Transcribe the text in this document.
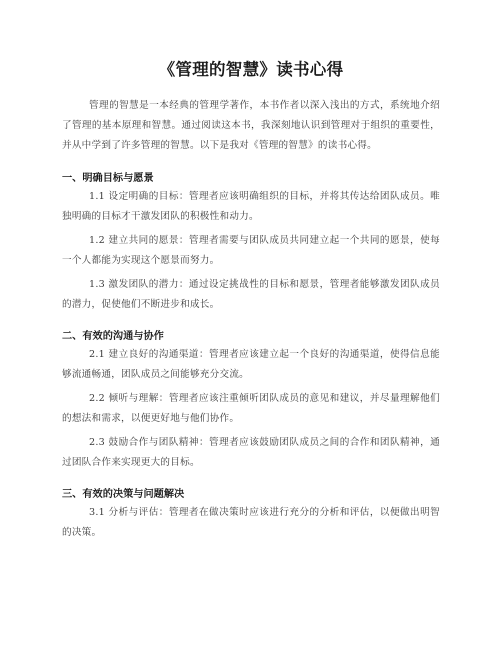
《管理的智慧》读书心得

管理的智慧是一本经典的管理学著作，本书作者以深入浅出的方式，系统地介绍了管理的基本原理和智慧。通过阅读这本书，我深刻地认识到管理对于组织的重要性，并从中学到了许多管理的智慧。以下是我对《管理的智慧》的读书心得。

一、明确目标与愿景

1.1 设定明确的目标：管理者应该明确组织的目标，并将其传达给团队成员。唯独明确的目标才干激发团队的积极性和动力。

1.2 建立共同的愿景：管理者需要与团队成员共同建立起一个共同的愿景，使每一个人都能为实现这个愿景而努力。

1.3 激发团队的潜力：通过设定挑战性的目标和愿景，管理者能够激发团队成员的潜力，促使他们不断进步和成长。

二、有效的沟通与协作

2.1 建立良好的沟通渠道：管理者应该建立起一个良好的沟通渠道，使得信息能够流通畅通，团队成员之间能够充分交流。

2.2 倾听与理解：管理者应该注重倾听团队成员的意见和建议，并尽量理解他们的想法和需求，以便更好地与他们协作。

2.3 鼓励合作与团队精神：管理者应该鼓励团队成员之间的合作和团队精神，通过团队合作来实现更大的目标。

三、有效的决策与问题解决

3.1 分析与评估：管理者在做决策时应该进行充分的分析和评估，以便做出明智的决策。
